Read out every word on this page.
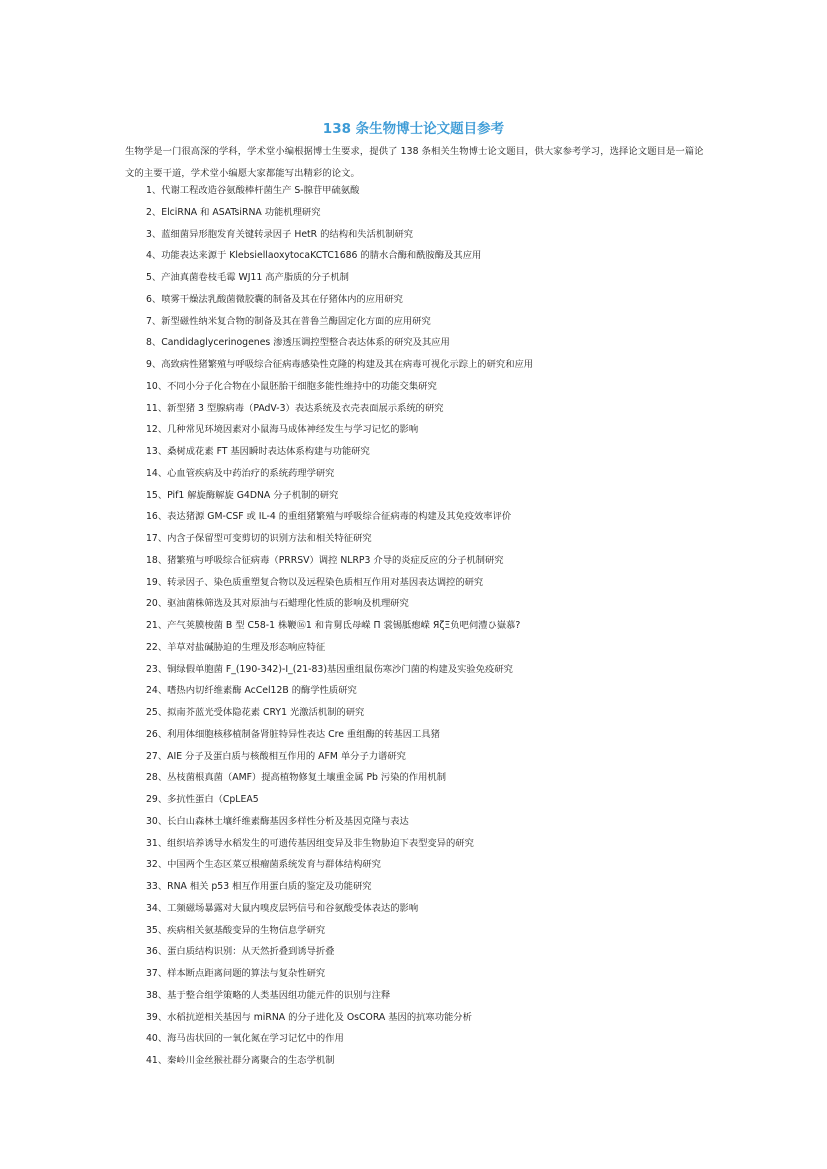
138 条生物博士论文题目参考

生物学是一门很高深的学科，学术堂小编根据博士生要求，提供了 138 条相关生物博士论文题目，供大家参考学习，选择论文题目是一篇论文的主要干道，学术堂小编愿大家都能写出精彩的论文。

1、代谢工程改造谷氨酸棒杆菌生产 S-腺苷甲硫氨酸
2、ElciRNA 和 ASATsiRNA 功能机理研究
3、蓝细菌异形胞发育关键转录因子 HetR 的结构和失活机制研究
4、功能表达来源于 KlebsiellaoxytocaKCTC1686 的腈水合酶和酰胺酶及其应用
5、产油真菌卷枝毛霉 WJ11 高产脂质的分子机制
6、喷雾干燥法乳酸菌微胶囊的制备及其在仔猪体内的应用研究
7、新型磁性纳米复合物的制备及其在普鲁兰酶固定化方面的应用研究
8、Candidaglycerinogenes 渗透压调控型整合表达体系的研究及其应用
9、高致病性猪繁殖与呼吸综合征病毒感染性克隆的构建及其在病毒可视化示踪上的研究和应用
10、不同小分子化合物在小鼠胚胎干细胞多能性维持中的功能交集研究
11、新型猪 3 型腺病毒（PAdV-3）表达系统及衣壳表面展示系统的研究
12、几种常见环境因素对小鼠海马成体神经发生与学习记忆的影响
13、桑树成花素 FT 基因瞬时表达体系构建与功能研究
14、心血管疾病及中药治疗的系统药理学研究
15、Pif1 解旋酶解旋 G4DNA 分子机制的研究
16、表达猪源 GM-CSF 或 IL-4 的重组猪繁殖与呼吸综合征病毒的构建及其免疫效率评价
17、内含子保留型可变剪切的识别方法和相关特征研究
18、猪繁殖与呼吸综合征病毒（PRRSV）调控 NLRP3 介导的炎症反应的分子机制研究
19、转录因子、染色质重塑复合物以及远程染色质相互作用对基因表达调控的研究
20、驱油菌株筛选及其对原油与石蜡理化性质的影响及机理研究
21、产气荚膜梭菌 B 型 C58-1 株鞭⑯1 和肯舅氐母嵘 Π 裳锡胝瘛嵘 ЯζΞ负吧伺澧ひ嶽慕?
22、羊草对盐碱胁迫的生理及形态响应特征
23、铜绿假单胞菌 F_(190-342)-I_(21-83)基因重组鼠伤寒沙门菌的构建及实验免疫研究
24、嗜热内切纤维素酶 AcCel12B 的酶学性质研究
25、拟南芥蓝光受体隐花素 CRY1 光激活机制的研究
26、利用体细胞核移植制备肾脏特异性表达 Cre 重组酶的转基因工具猪
27、AIE 分子及蛋白质与核酸相互作用的 AFM 单分子力谱研究
28、丛枝菌根真菌（AMF）提高植物修复土壤重金属 Pb 污染的作用机制
29、多抗性蛋白（CpLEA5
30、长白山森林土壤纤维素酶基因多样性分析及基因克隆与表达
31、组织培养诱导水稻发生的可遗传基因组变异及非生物胁迫下表型变异的研究
32、中国两个生态区菜豆根瘤菌系统发育与群体结构研究
33、RNA 相关 p53 相互作用蛋白质的鉴定及功能研究
34、工频磁场暴露对大鼠内嗅皮层钙信号和谷氨酸受体表达的影响
35、疾病相关氨基酸变异的生物信息学研究
36、蛋白质结构识别：从天然折叠到诱导折叠
37、样本断点距离问题的算法与复杂性研究
38、基于整合组学策略的人类基因组功能元件的识别与注释
39、水稻抗逆相关基因与 miRNA 的分子进化及 OsCORA 基因的抗寒功能分析
40、海马齿状回的一氧化氮在学习记忆中的作用
41、秦岭川金丝猴社群分离聚合的生态学机制
